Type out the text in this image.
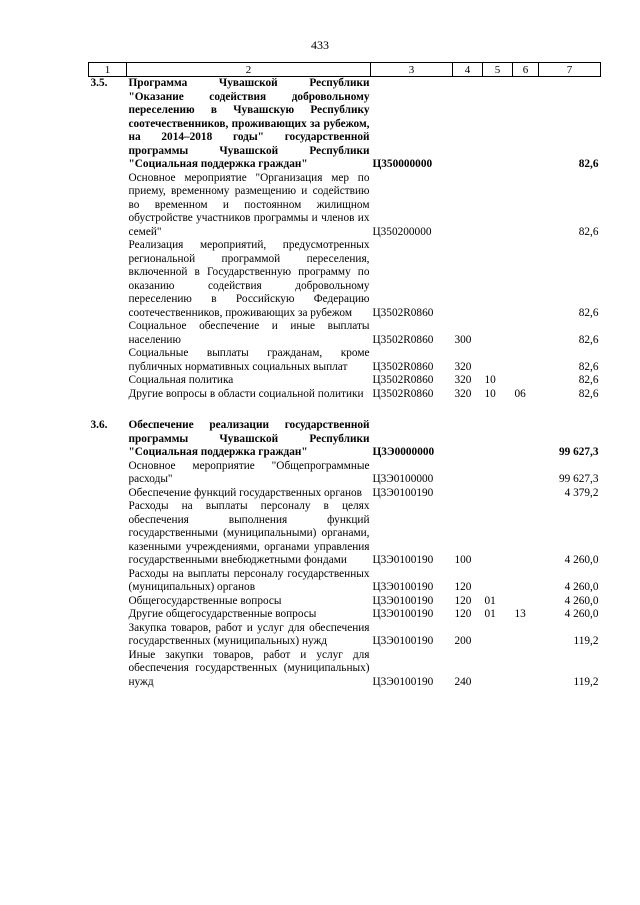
433
1	2	3	4	5	6	7
3.5.	Программа Чувашской Республики "Оказание содействия добровольному переселению в Чувашскую Республику соотечественников, проживающих за рубежом, на 2014–2018 годы" государственной программы Чувашской Республики "Социальная поддержка граждан"	Ц350000000				82,6
	Основное мероприятие "Организация мер по приему, временному размещению и содействию во временном и постоянном жилищном обустройстве участников программы и членов их семей"	Ц350200000				82,6
	Реализация мероприятий, предусмотренных региональной программой переселения, включенной в Государственную программу по оказанию содействия добровольному переселению в Российскую Федерацию соотечественников, проживающих за рубежом	Ц3502R0860				82,6
	Социальное обеспечение и иные выплаты населению	Ц3502R0860	300			82,6
	Социальные выплаты гражданам, кроме публичных нормативных социальных выплат	Ц3502R0860	320			82,6
	Социальная политика	Ц3502R0860	320	10		82,6
	Другие вопросы в области социальной политики	Ц3502R0860	320	10	06	82,6

3.6.	Обеспечение реализации государственной программы Чувашской Республики "Социальная поддержка граждан"	Ц3Э0000000				99 627,3
	Основное мероприятие "Общепрограммные расходы"	Ц3Э0100000				99 627,3
	Обеспечение функций государственных органов	Ц3Э0100190				4 379,2
	Расходы на выплаты персоналу в целях обеспечения выполнения функций государственными (муниципальными) органами, казенными учреждениями, органами управления государственными внебюджетными фондами	Ц3Э0100190	100			4 260,0
	Расходы на выплаты персоналу государственных (муниципальных) органов	Ц3Э0100190	120			4 260,0
	Общегосударственные вопросы	Ц3Э0100190	120	01		4 260,0
	Другие общегосударственные вопросы	Ц3Э0100190	120	01	13	4 260,0
	Закупка товаров, работ и услуг для обеспечения государственных (муниципальных) нужд	Ц3Э0100190	200			119,2
	Иные закупки товаров, работ и услуг для обеспечения государственных (муниципальных) нужд	Ц3Э0100190	240			119,2
